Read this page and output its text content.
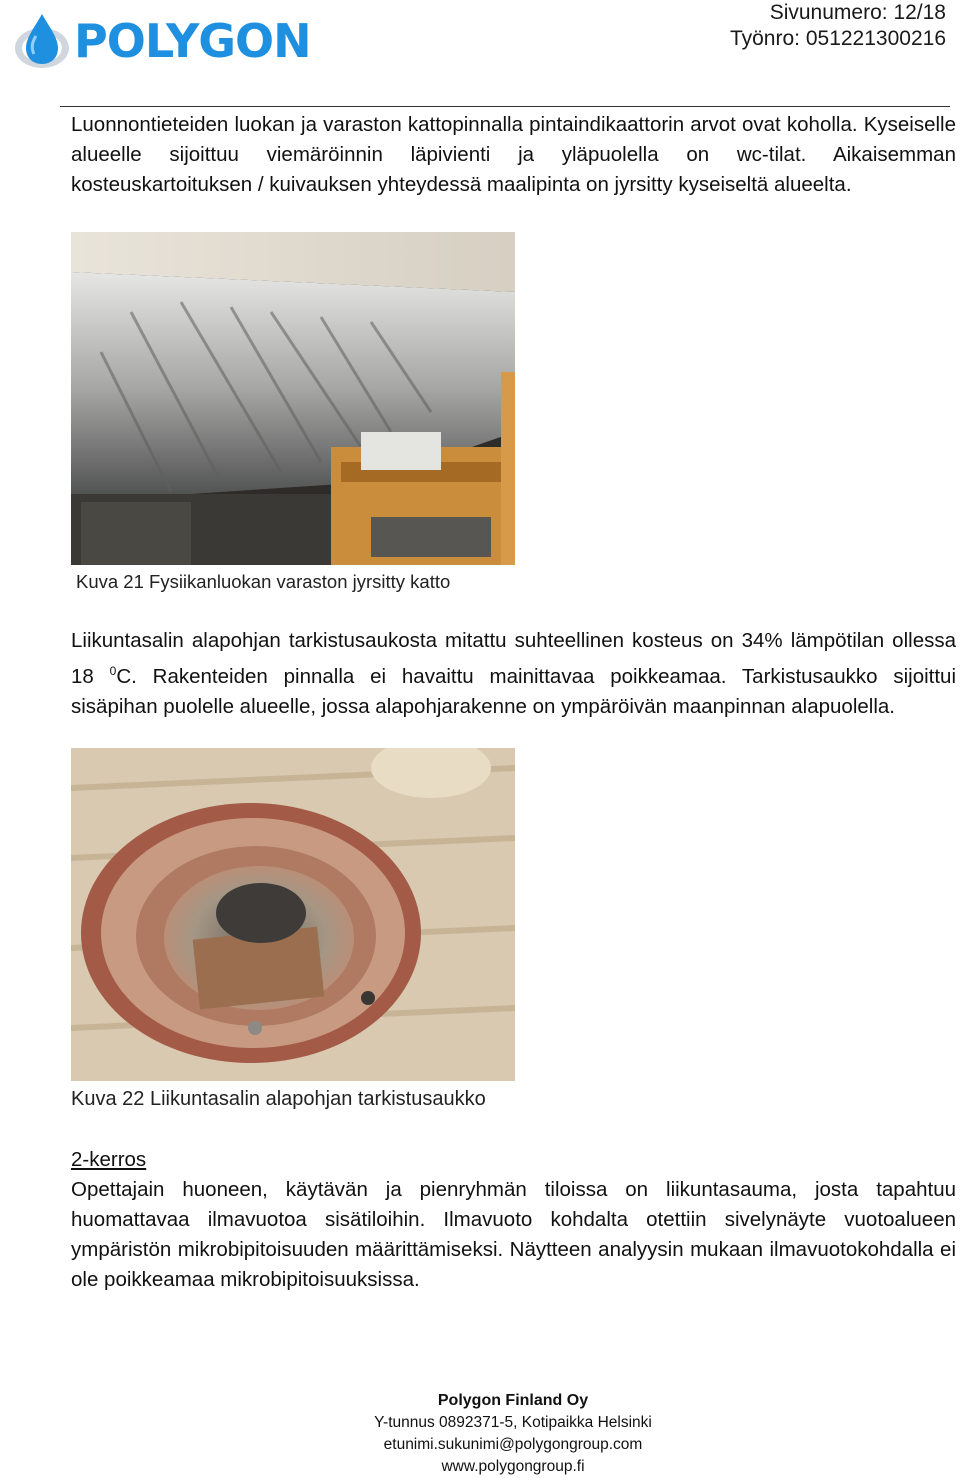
POLYGON
Sivunumero: 12/18
Työnro: 051221300216

Luonnontieteiden luokan ja varaston kattopinnalla pintaindikaattorin arvot ovat koholla. Kyseiselle alueelle sijoittuu viemäröinnin läpivienti ja yläpuolella on wc-tilat. Aikaisemman kosteuskartoituksen / kuivauksen yhteydessä maalipinta on jyrsitty kyseiseltä alueelta.

Kuva 21 Fysiikanluokan varaston jyrsitty katto

Liikuntasalin alapohjan tarkistusaukosta mitattu suhteellinen kosteus on 34% lämpötilan ollessa 18 $^0$C. Rakenteiden pinnalla ei havaittu mainittavaa poikkeamaa. Tarkistusaukko sijoittui sisäpihan puolelle alueelle, jossa alapohjarakenne on ympäröivän maanpinnan alapuolella.

Kuva 22 Liikuntasalin alapohjan tarkistusaukko

2-kerros

Opettajain huoneen, käytävän ja pienryhmän tiloissa on liikuntasauma, josta tapahtuu huomattavaa ilmavuotoa sisätiloihin. Ilmavuoto kohdalta otettiin sivelynäyte vuotoalueen ympäristön mikrobipitoisuuden määrittämiseksi. Näytteen analyysin mukaan ilmavuotokohdalla ei ole poikkeamaa mikrobipitoisuuksissa.

Polygon Finland Oy
Y-tunnus 0892371-5, Kotipaikka Helsinki
etunimi.sukunimi@polygongroup.com
www.polygongroup.fi
